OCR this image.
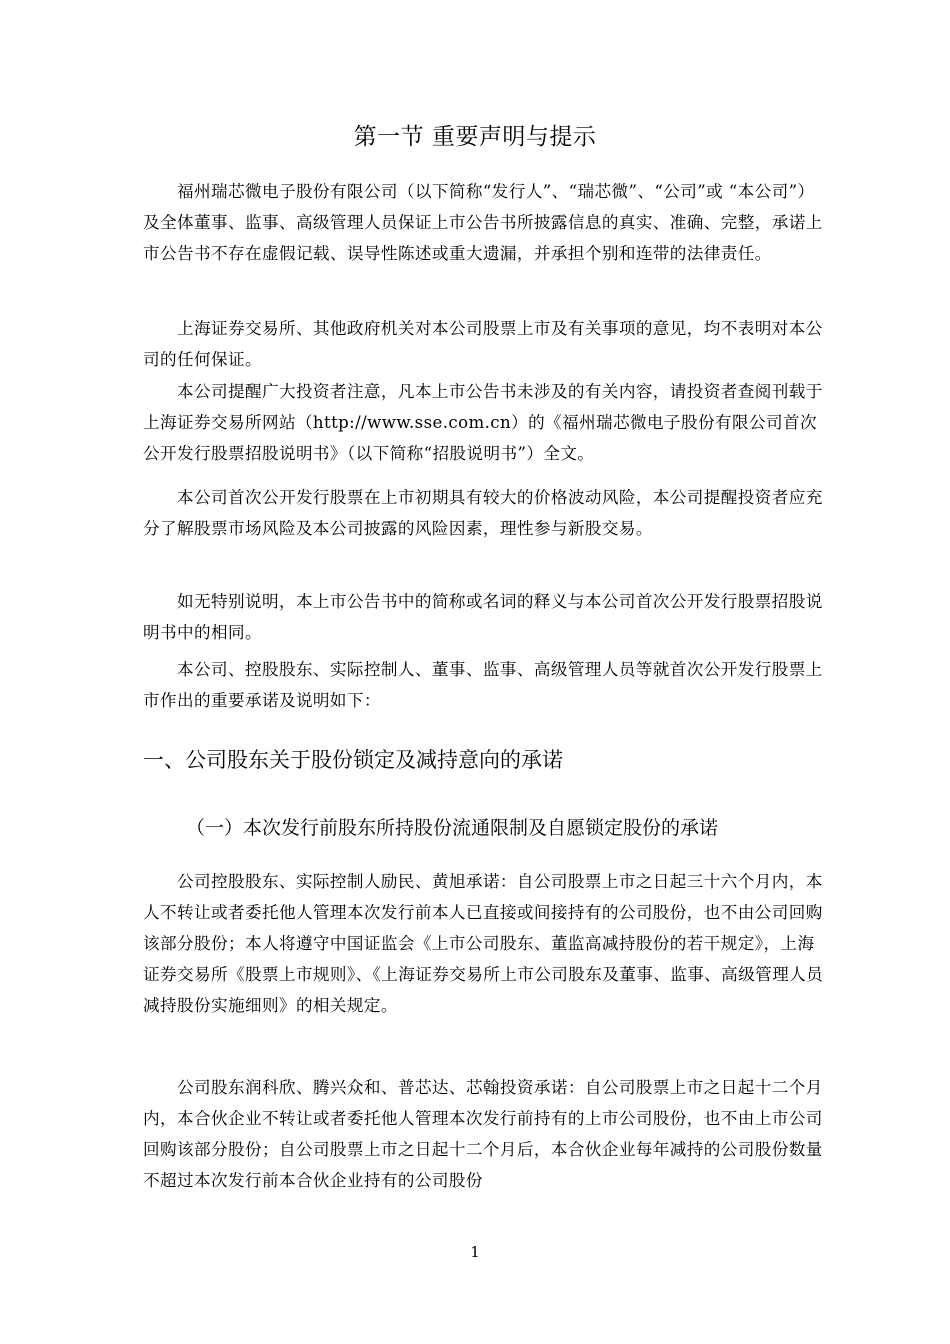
第一节 重要声明与提示
　　福州瑞芯微电子股份有限公司（以下简称“发行人”、“瑞芯微”、“公司”或 “本公司”）及全体董事、监事、高级管理人员保证上市公告书所披露信息的真实、准确、完整，承诺上市公告书不存在虚假记载、误导性陈述或重大遗漏，并承担个别和连带的法律责任。
　　上海证券交易所、其他政府机关对本公司股票上市及有关事项的意见，均不表明对本公司的任何保证。
　　本公司提醒广大投资者注意，凡本上市公告书未涉及的有关内容，请投资者查阅刊载于上海证券交易所网站（http://www.sse.com.cn）的《福州瑞芯微电子股份有限公司首次公开发行股票招股说明书》（以下简称“招股说明书”）全文。
　　本公司首次公开发行股票在上市初期具有较大的价格波动风险，本公司提醒投资者应充分了解股票市场风险及本公司披露的风险因素，理性参与新股交易。
　　如无特别说明，本上市公告书中的简称或名词的释义与本公司首次公开发行股票招股说明书中的相同。
　　本公司、控股股东、实际控制人、董事、监事、高级管理人员等就首次公开发行股票上市作出的重要承诺及说明如下：
一、公司股东关于股份锁定及减持意向的承诺
（一）本次发行前股东所持股份流通限制及自愿锁定股份的承诺
　　公司控股股东、实际控制人励民、黄旭承诺：自公司股票上市之日起三十六个月内，本人不转让或者委托他人管理本次发行前本人已直接或间接持有的公司股份，也不由公司回购该部分股份；本人将遵守中国证监会《上市公司股东、董监高减持股份的若干规定》，上海证券交易所《股票上市规则》、《上海证券交易所上市公司股东及董事、监事、高级管理人员减持股份实施细则》的相关规定。
　　公司股东润科欣、腾兴众和、普芯达、芯翰投资承诺：自公司股票上市之日起十二个月内，本合伙企业不转让或者委托他人管理本次发行前持有的上市公司股份，也不由上市公司回购该部分股份；自公司股票上市之日起十二个月后，本合伙企业每年减持的公司股份数量不超过本次发行前本合伙企业持有的公司股份
1
